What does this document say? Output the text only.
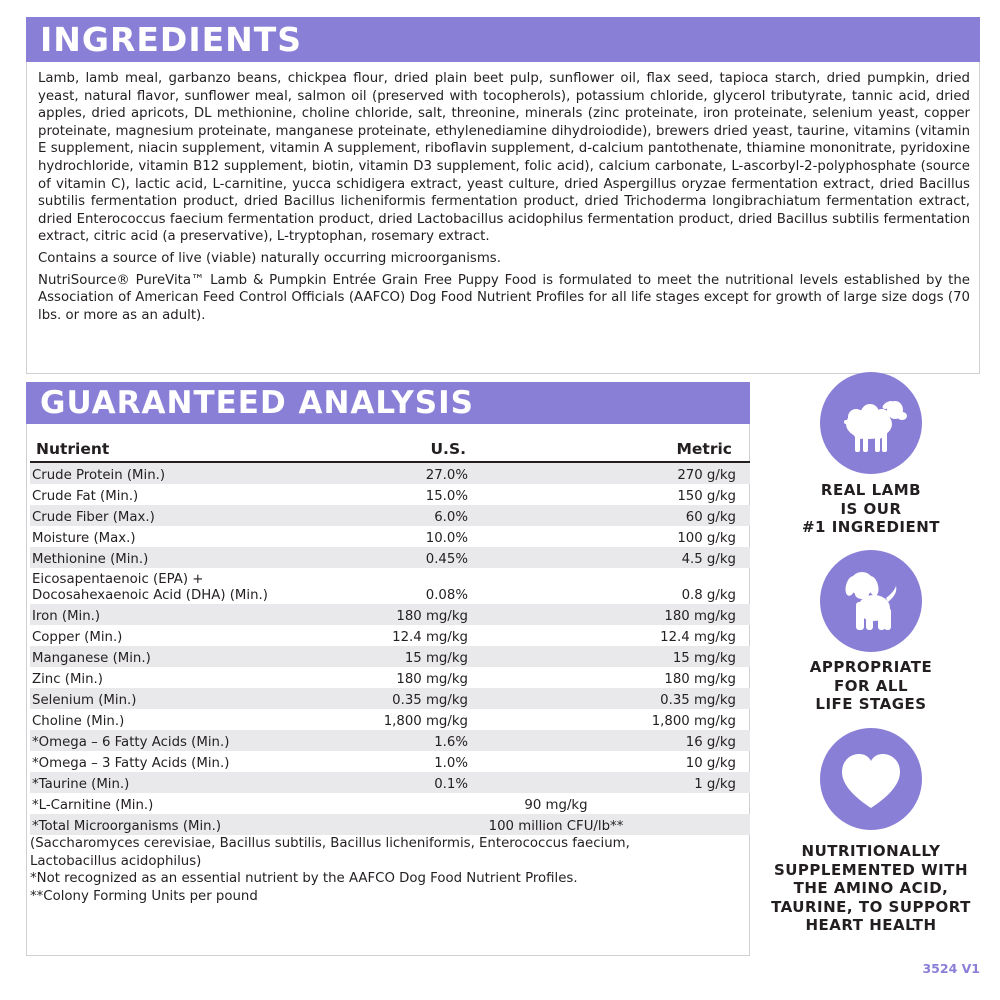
INGREDIENTS

Lamb, lamb meal, garbanzo beans, chickpea flour, dried plain beet pulp, sunflower oil, flax seed, tapioca starch, dried pumpkin, dried yeast, natural flavor, sunflower meal, salmon oil (preserved with tocopherols), potassium chloride, glycerol tributyrate, tannic acid, dried apples, dried apricots, DL methionine, choline chloride, salt, threonine, minerals (zinc proteinate, iron proteinate, selenium yeast, copper proteinate, magnesium proteinate, manganese proteinate, ethylenediamine dihydroiodide), brewers dried yeast, taurine, vitamins (vitamin E supplement, niacin supplement, vitamin A supplement, riboflavin supplement, d-calcium pantothenate, thiamine mononitrate, pyridoxine hydrochloride, vitamin B12 supplement, biotin, vitamin D3 supplement, folic acid), calcium carbonate, L-ascorbyl-2-polyphosphate (source of vitamin C), lactic acid, L-carnitine, yucca schidigera extract, yeast culture, dried Aspergillus oryzae fermentation extract, dried Bacillus subtilis fermentation product, dried Bacillus licheniformis fermentation product, dried Trichoderma longibrachiatum fermentation extract, dried Enterococcus faecium fermentation product, dried Lactobacillus acidophilus fermentation product, dried Bacillus subtilis fermentation extract, citric acid (a preservative), L-tryptophan, rosemary extract.

Contains a source of live (viable) naturally occurring microorganisms.

NutriSource® PureVita™ Lamb & Pumpkin Entrée Grain Free Puppy Food is formulated to meet the nutritional levels established by the Association of American Feed Control Officials (AAFCO) Dog Food Nutrient Profiles for all life stages except for growth of large size dogs (70 lbs. or more as an adult).

GUARANTEED ANALYSIS
Nutrient	U.S.	Metric
Crude Protein (Min.)	27.0%	270 g/kg
Crude Fat (Min.)	15.0%	150 g/kg
Crude Fiber (Max.)	6.0%	60 g/kg
Moisture (Max.)	10.0%	100 g/kg
Methionine (Min.)	0.45%	4.5 g/kg
Eicosapentaenoic (EPA) +
Docosahexaenoic Acid (DHA) (Min.)	0.08%	0.8 g/kg
Iron (Min.)	180 mg/kg	180 mg/kg
Copper (Min.)	12.4 mg/kg	12.4 mg/kg
Manganese (Min.)	15 mg/kg	15 mg/kg
Zinc (Min.)	180 mg/kg	180 mg/kg
Selenium (Min.)	0.35 mg/kg	0.35 mg/kg
Choline (Min.)	1,800 mg/kg	1,800 mg/kg
*Omega – 6 Fatty Acids (Min.)	1.6%	16 g/kg
*Omega – 3 Fatty Acids (Min.)	1.0%	10 g/kg
*Taurine (Min.)	0.1%	1 g/kg
*L-Carnitine (Min.)	90 mg/kg	
*Total Microorganisms (Min.)	100 million CFU/lb**	
(Saccharomyces cerevisiae, Bacillus subtilis, Bacillus licheniformis, Enterococcus faecium,
Lactobacillus acidophilus)
*Not recognized as an essential nutrient by the AAFCO Dog Food Nutrient Profiles.
**Colony Forming Units per pound
REAL LAMB
IS OUR
#1 INGREDIENT
APPROPRIATE
FOR ALL
LIFE STAGES
NUTRITIONALLY
SUPPLEMENTED WITH
THE AMINO ACID,
TAURINE, TO SUPPORT
HEART HEALTH
3524 V1
